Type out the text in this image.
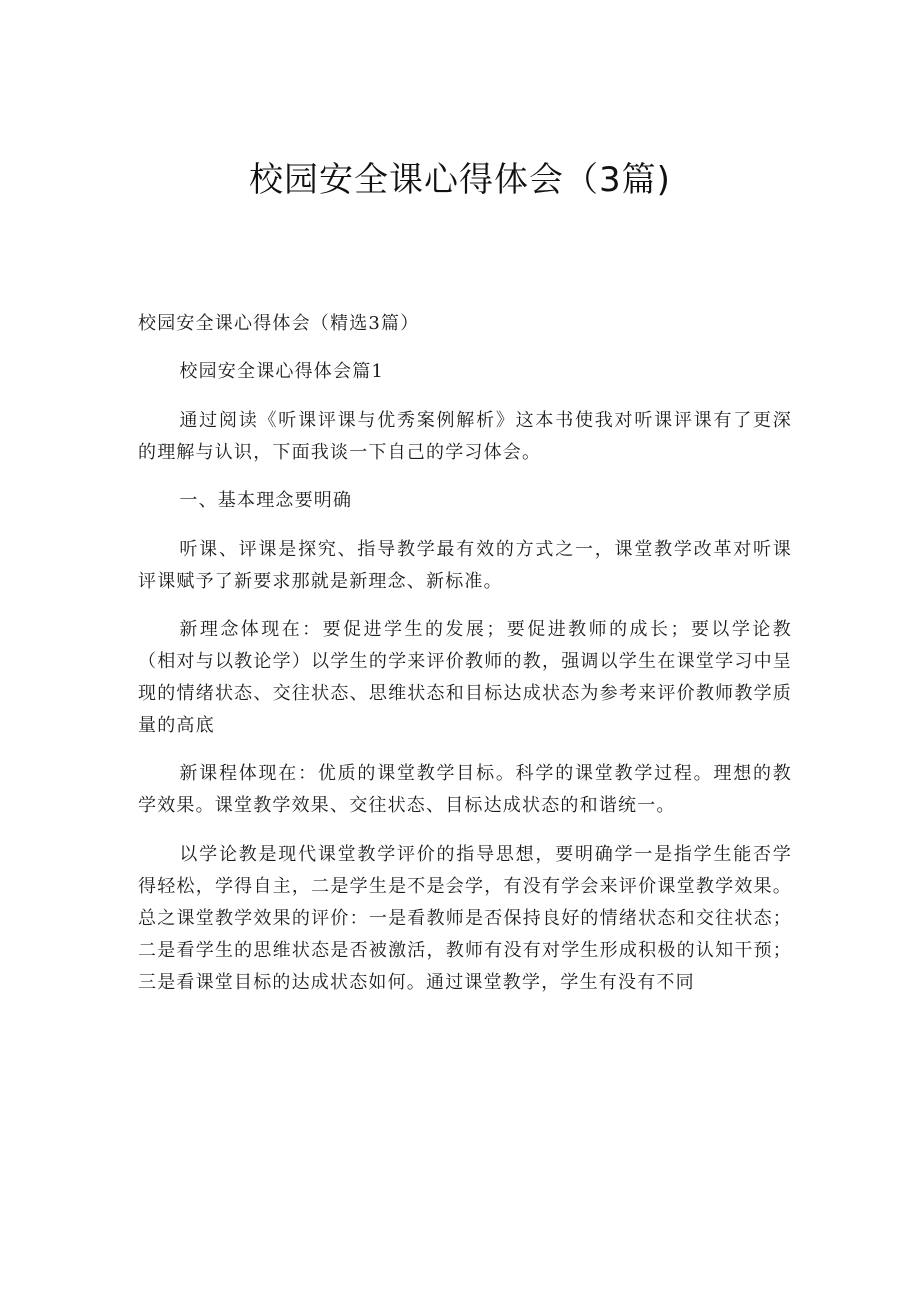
校园安全课心得体会（3篇)

校园安全课心得体会（精选3篇）

校园安全课心得体会篇1

通过阅读《听课评课与优秀案例解析》这本书使我对听课评课有了更深的理解与认识，下面我谈一下自己的学习体会。

一、基本理念要明确

听课、评课是探究、指导教学最有效的方式之一，课堂教学改革对听课评课赋予了新要求那就是新理念、新标准。

新理念体现在：要促进学生的发展；要促进教师的成长；要以学论教（相对与以教论学）以学生的学来评价教师的教，强调以学生在课堂学习中呈现的情绪状态、交往状态、思维状态和目标达成状态为参考来评价教师教学质量的高底

新课程体现在：优质的课堂教学目标。科学的课堂教学过程。理想的教学效果。课堂教学效果、交往状态、目标达成状态的和谐统一。

以学论教是现代课堂教学评价的指导思想，要明确学一是指学生能否学得轻松，学得自主，二是学生是不是会学，有没有学会来评价课堂教学效果。总之课堂教学效果的评价：一是看教师是否保持良好的情绪状态和交往状态；二是看学生的思维状态是否被激活，教师有没有对学生形成积极的认知干预；三是看课堂目标的达成状态如何。通过课堂教学，学生有没有不同
